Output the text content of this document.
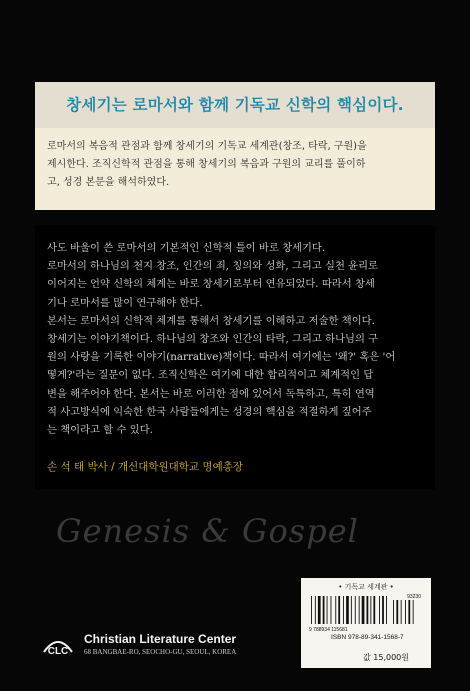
창세기는 로마서와 함께 기독교 신학의 핵심이다.
로마서의 복음적 관점과 함께 창세기의 기독교 세계관(창조, 타락, 구원)을
제시한다. 조직신학적 관점을 통해 창세기의 복음과 구원의 교리를 풀이하
고, 성경 본문을 해석하였다.
사도 바울이 쓴 로마서의 기본적인 신학적 틀이 바로 창세기다.
로마서의 하나님의 천지 창조, 인간의 죄, 칭의와 성화, 그리고 실천 윤리로
이어지는 언약 신학의 체계는 바로 창세기로부터 연유되었다. 따라서 창세
기나 로마서를 많이 연구해야 한다.
본서는 로마서의 신학적 체계를 통해서 창세기를 이해하고 저술한 책이다.
창세기는 이야기책이다. 하나님의 창조와 인간의 타락, 그리고 하나님의 구
원의 사랑을 기록한 이야기(narrative)책이다. 따라서 여기에는 '왜?' 혹은 '어
떻게?'라는 질문이 없다. 조직신학은 여기에 대한 합리적이고 체계적인 답
변을 해주어야 한다. 본서는 바로 이러한 점에 있어서 독특하고, 특히 연역
적 사고방식에 익숙한 한국 사람들에게는 성경의 핵심을 적절하게 짚어주
는 책이라고 할 수 있다.
손 석 태 박사 / 개신대학원대학교 명예총장
Genesis & Gospel
CLC
Christian Literature Center
68 BANGBAE-RO, SEOCHO-GU, SEOUL, KOREA
• 기독교 세계관 •
93230
9 788934 115681
ISBN 978-89-341-1568-7
값 15,000원
